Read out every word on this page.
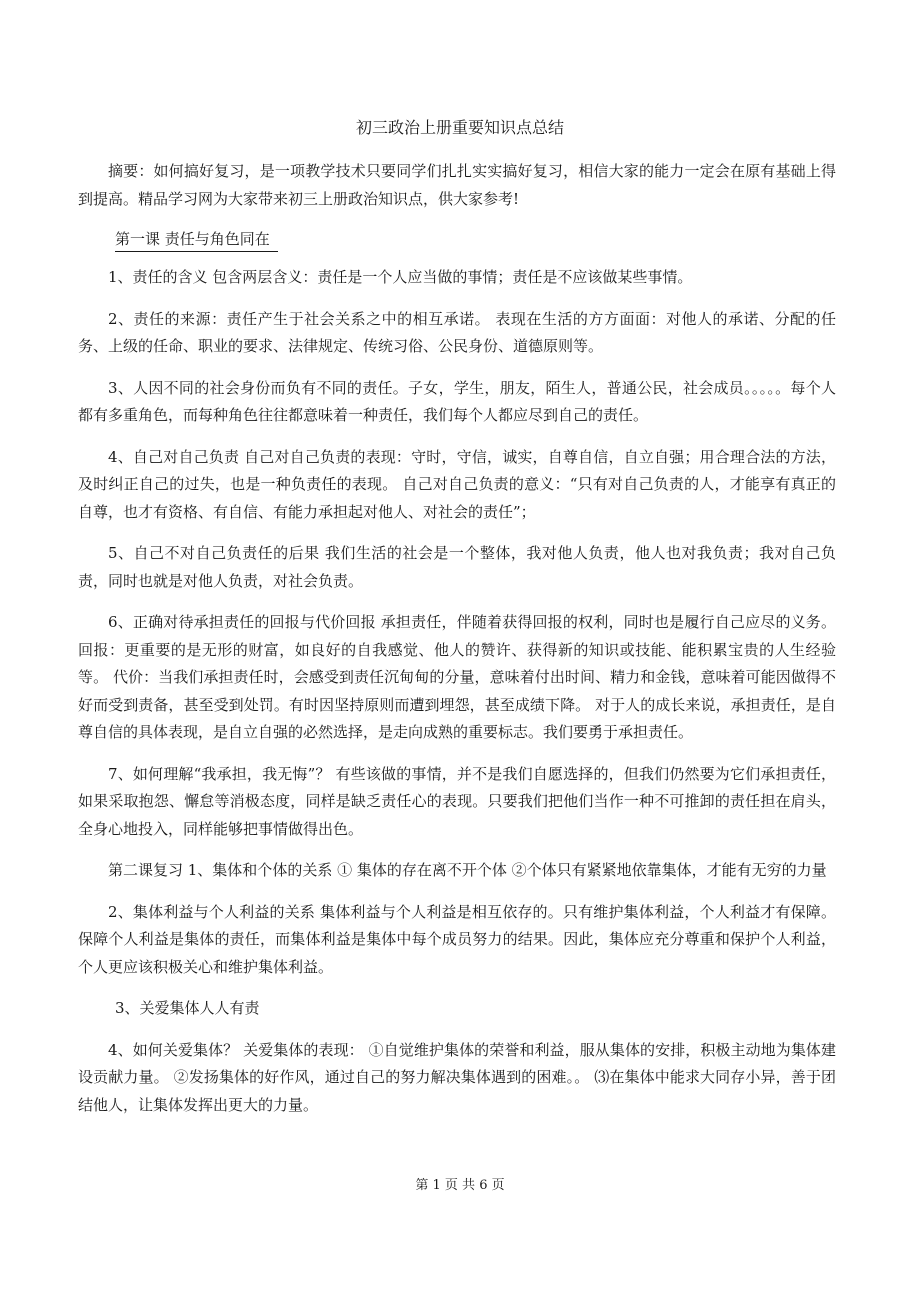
初三政治上册重要知识点总结

摘要：如何搞好复习，是一项教学技术只要同学们扎扎实实搞好复习，相信大家的能力一定会在原有基础上得到提高。精品学习网为大家带来初三上册政治知识点，供大家参考!

第一课 责任与角色同在

1、责任的含义 包含两层含义：责任是一个人应当做的事情；责任是不应该做某些事情。

2、责任的来源：责任产生于社会关系之中的相互承诺。 表现在生活的方方面面：对他人的承诺、分配的任务、上级的任命、职业的要求、法律规定、传统习俗、公民身份、道德原则等。

3、人因不同的社会身份而负有不同的责任。子女，学生，朋友，陌生人，普通公民，社会成员。。。。。每个人都有多重角色，而每种角色往往都意味着一种责任，我们每个人都应尽到自己的责任。

4、自己对自己负责 自己对自己负责的表现：守时，守信，诚实，自尊自信，自立自强；用合理合法的方法，及时纠正自己的过失，也是一种负责任的表现。 自己对自己负责的意义：“只有对自己负责的人，才能享有真正的自尊，也才有资格、有自信、有能力承担起对他人、对社会的责任”；

5、自己不对自己负责任的后果 我们生活的社会是一个整体，我对他人负责，他人也对我负责；我对自己负责，同时也就是对他人负责，对社会负责。

6、正确对待承担责任的回报与代价回报 承担责任，伴随着获得回报的权利，同时也是履行自己应尽的义务。 回报：更重要的是无形的财富，如良好的自我感觉、他人的赞许、获得新的知识或技能、能积累宝贵的人生经验等。 代价：当我们承担责任时，会感受到责任沉甸甸的分量，意味着付出时间、精力和金钱，意味着可能因做得不好而受到责备，甚至受到处罚。有时因坚持原则而遭到埋怨，甚至成绩下降。 对于人的成长来说，承担责任，是自尊自信的具体表现，是自立自强的必然选择，是走向成熟的重要标志。我们要勇于承担责任。

7、如何理解“我承担，我无悔”？ 有些该做的事情，并不是我们自愿选择的，但我们仍然要为它们承担责任，如果采取抱怨、懈怠等消极态度，同样是缺乏责任心的表现。只要我们把他们当作一种不可推卸的责任担在肩头，全身心地投入，同样能够把事情做得出色。

第二课复习 1、集体和个体的关系 ① 集体的存在离不开个体 ②个体只有紧紧地依靠集体，才能有无穷的力量

2、集体利益与个人利益的关系 集体利益与个人利益是相互依存的。只有维护集体利益，个人利益才有保障。保障个人利益是集体的责任，而集体利益是集体中每个成员努力的结果。因此，集体应充分尊重和保护个人利益，个人更应该积极关心和维护集体利益。

3、关爱集体人人有责

4、如何关爱集体？ 关爱集体的表现： ①自觉维护集体的荣誉和利益，服从集体的安排，积极主动地为集体建设贡献力量。 ②发扬集体的好作风，通过自己的努力解决集体遇到的困难。。 ⑶在集体中能求大同存小异，善于团结他人，让集体发挥出更大的力量。

第 1 页 共 6 页
